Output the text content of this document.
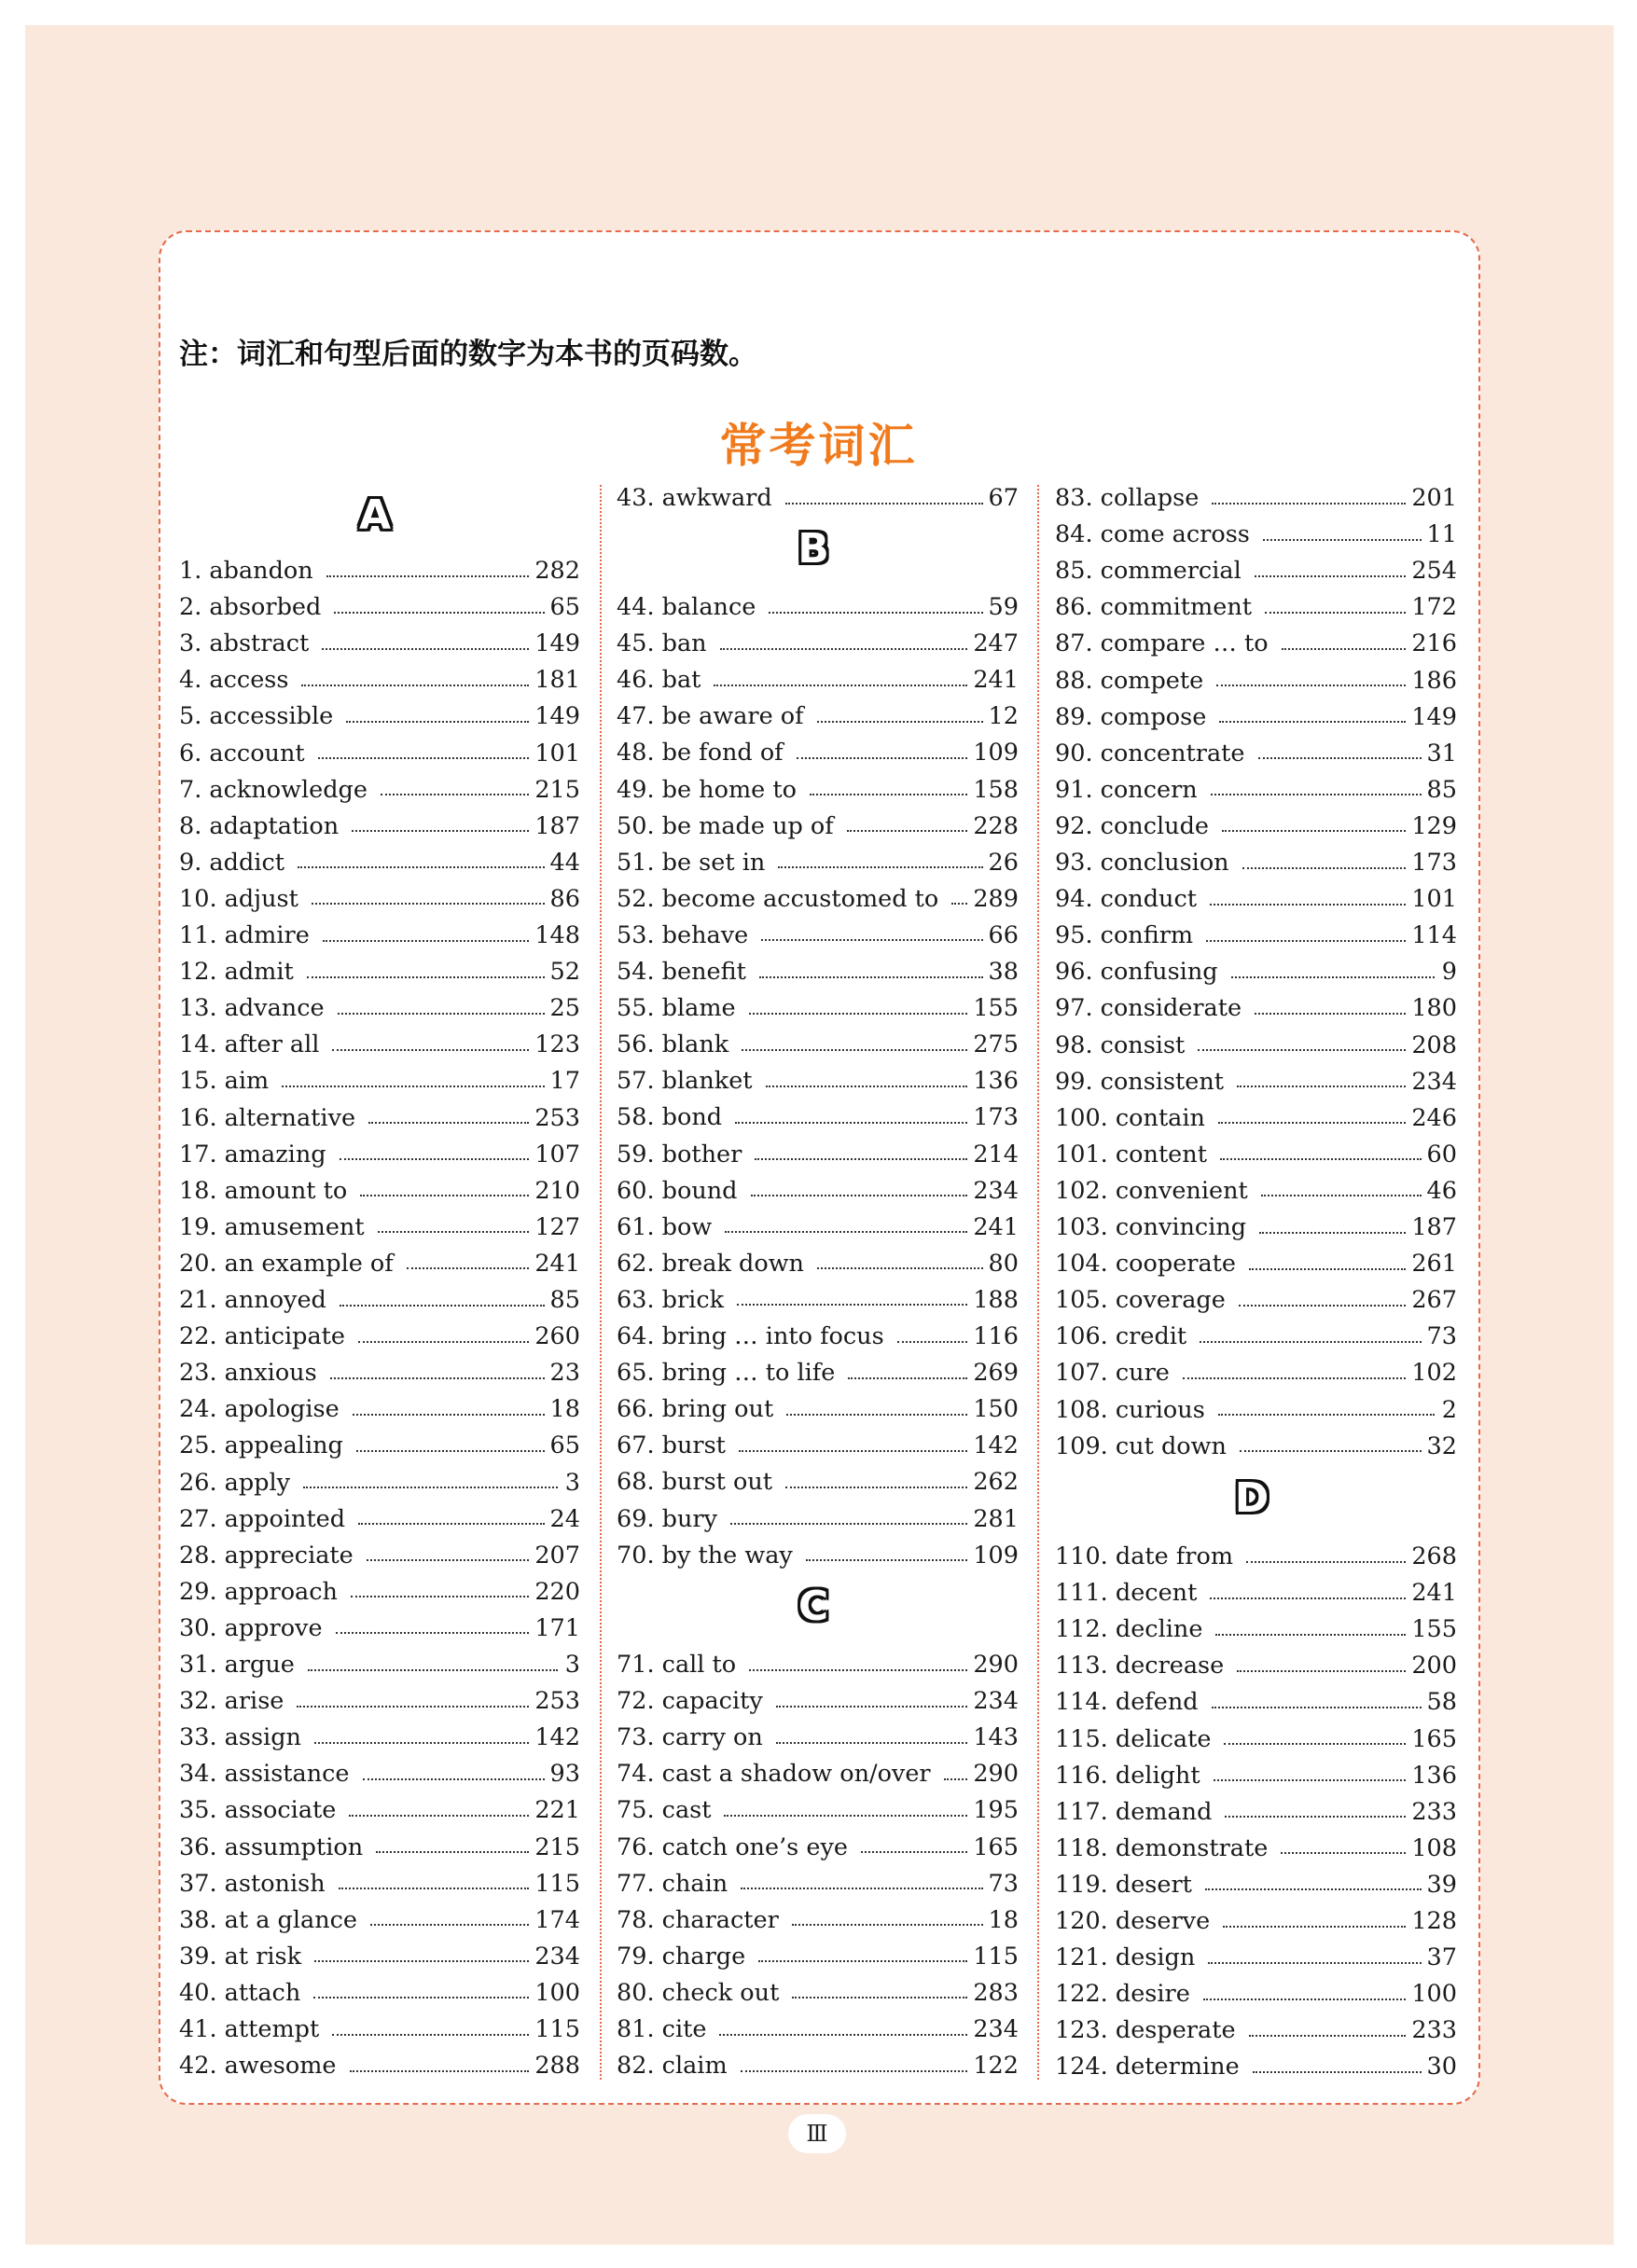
注：词汇和句型后面的数字为本书的页码数。
常考词汇
A
B
C
D
1. abandon	282
2. absorbed	65
3. abstract	149
4. access	181
5. accessible	149
6. account	101
7. acknowledge	215
8. adaptation	187
9. addict	44
10. adjust	86
11. admire	148
12. admit	52
13. advance	25
14. after all	123
15. aim	17
16. alternative	253
17. amazing	107
18. amount to	210
19. amusement	127
20. an example of	241
21. annoyed	85
22. anticipate	260
23. anxious	23
24. apologise	18
25. appealing	65
26. apply	3
27. appointed	24
28. appreciate	207
29. approach	220
30. approve	171
31. argue	3
32. arise	253
33. assign	142
34. assistance	93
35. associate	221
36. assumption	215
37. astonish	115
38. at a glance	174
39. at risk	234
40. attach	100
41. attempt	115
42. awesome	288
43. awkward	67
44. balance	59
45. ban	247
46. bat	241
47. be aware of	12
48. be fond of	109
49. be home to	158
50. be made up of	228
51. be set in	26
52. become accustomed to	289
53. behave	66
54. benefit	38
55. blame	155
56. blank	275
57. blanket	136
58. bond	173
59. bother	214
60. bound	234
61. bow	241
62. break down	80
63. brick	188
64. bring … into focus	116
65. bring … to life	269
66. bring out	150
67. burst	142
68. burst out	262
69. bury	281
70. by the way	109
71. call to	290
72. capacity	234
73. carry on	143
74. cast a shadow on/over	290
75. cast	195
76. catch one’s eye	165
77. chain	73
78. character	18
79. charge	115
80. check out	283
81. cite	234
82. claim	122
83. collapse	201
84. come across	11
85. commercial	254
86. commitment	172
87. compare … to	216
88. compete	186
89. compose	149
90. concentrate	31
91. concern	85
92. conclude	129
93. conclusion	173
94. conduct	101
95. confirm	114
96. confusing	9
97. considerate	180
98. consist	208
99. consistent	234
100. contain	246
101. content	60
102. convenient	46
103. convincing	187
104. cooperate	261
105. coverage	267
106. credit	73
107. cure	102
108. curious	2
109. cut down	32
110. date from	268
111. decent	241
112. decline	155
113. decrease	200
114. defend	58
115. delicate	165
116. delight	136
117. demand	233
118. demonstrate	108
119. desert	39
120. deserve	128
121. design	37
122. desire	100
123. desperate	233
124. determine	30
Ⅲ
